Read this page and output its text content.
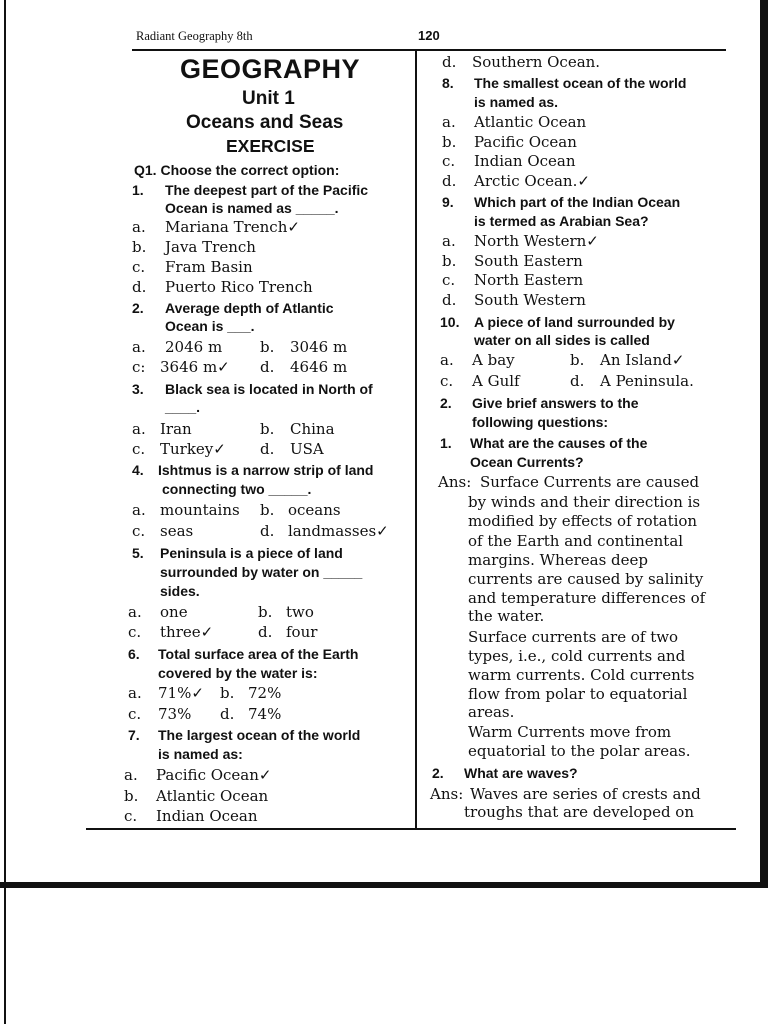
Radiant Geography 8th	120
GEOGRAPHY
Unit 1
Oceans and Seas
EXERCISE
Q1. Choose the correct option:
1. The deepest part of the Pacific
Ocean is named as _____.
a. Mariana Trench✓
b. Java Trench
c. Fram Basin
d. Puerto Rico Trench
2. Average depth of Atlantic
Ocean is ___.
a. 2046 m	b. 3046 m
c: 3646 m✓ d. 4646 m
3. Black sea is located in North of
____.
a. Iran	b. China
c. Turkey✓ d. USA
4. Ishtmus is a narrow strip of land
connecting two _____.
a. mountains b. oceans
c. seas	d. landmasses✓
5. Peninsula is a piece of land
surrounded by water on _____
sides.
a. one	b. two
c. three✓	d. four
6. Total surface area of the Earth
covered by the water is:
a. 71%✓ b. 72%
c. 73% d. 74%
7. The largest ocean of the world
is named as:
a. Pacific Ocean✓
b. Atlantic Ocean
c. Indian Ocean
d. Southern Ocean.
8. The smallest ocean of the world
is named as.
a. Atlantic Ocean
b. Pacific Ocean
c. Indian Ocean
d. Arctic Ocean.✓
9. Which part of the Indian Ocean
is termed as Arabian Sea?
a. North Western✓
b. South Eastern
c. North Eastern
d. South Western
10. A piece of land surrounded by
water on all sides is called
a. A bay	b. An Island✓
c. A Gulf	d. A Peninsula.
2. Give brief answers to the
following questions:
1. What are the causes of the
Ocean Currents?
Ans: Surface Currents are caused
by winds and their direction is
modified by effects of rotation
of the Earth and continental
margins. Whereas deep
currents are caused by salinity
and temperature differences of
the water.
Surface currents are of two
types, i.e., cold currents and
warm currents. Cold currents
flow from polar to equatorial
areas.
Warm Currents move from
equatorial to the polar areas.
2. What are waves?
Ans: Waves are series of crests and
troughs that are developed on
